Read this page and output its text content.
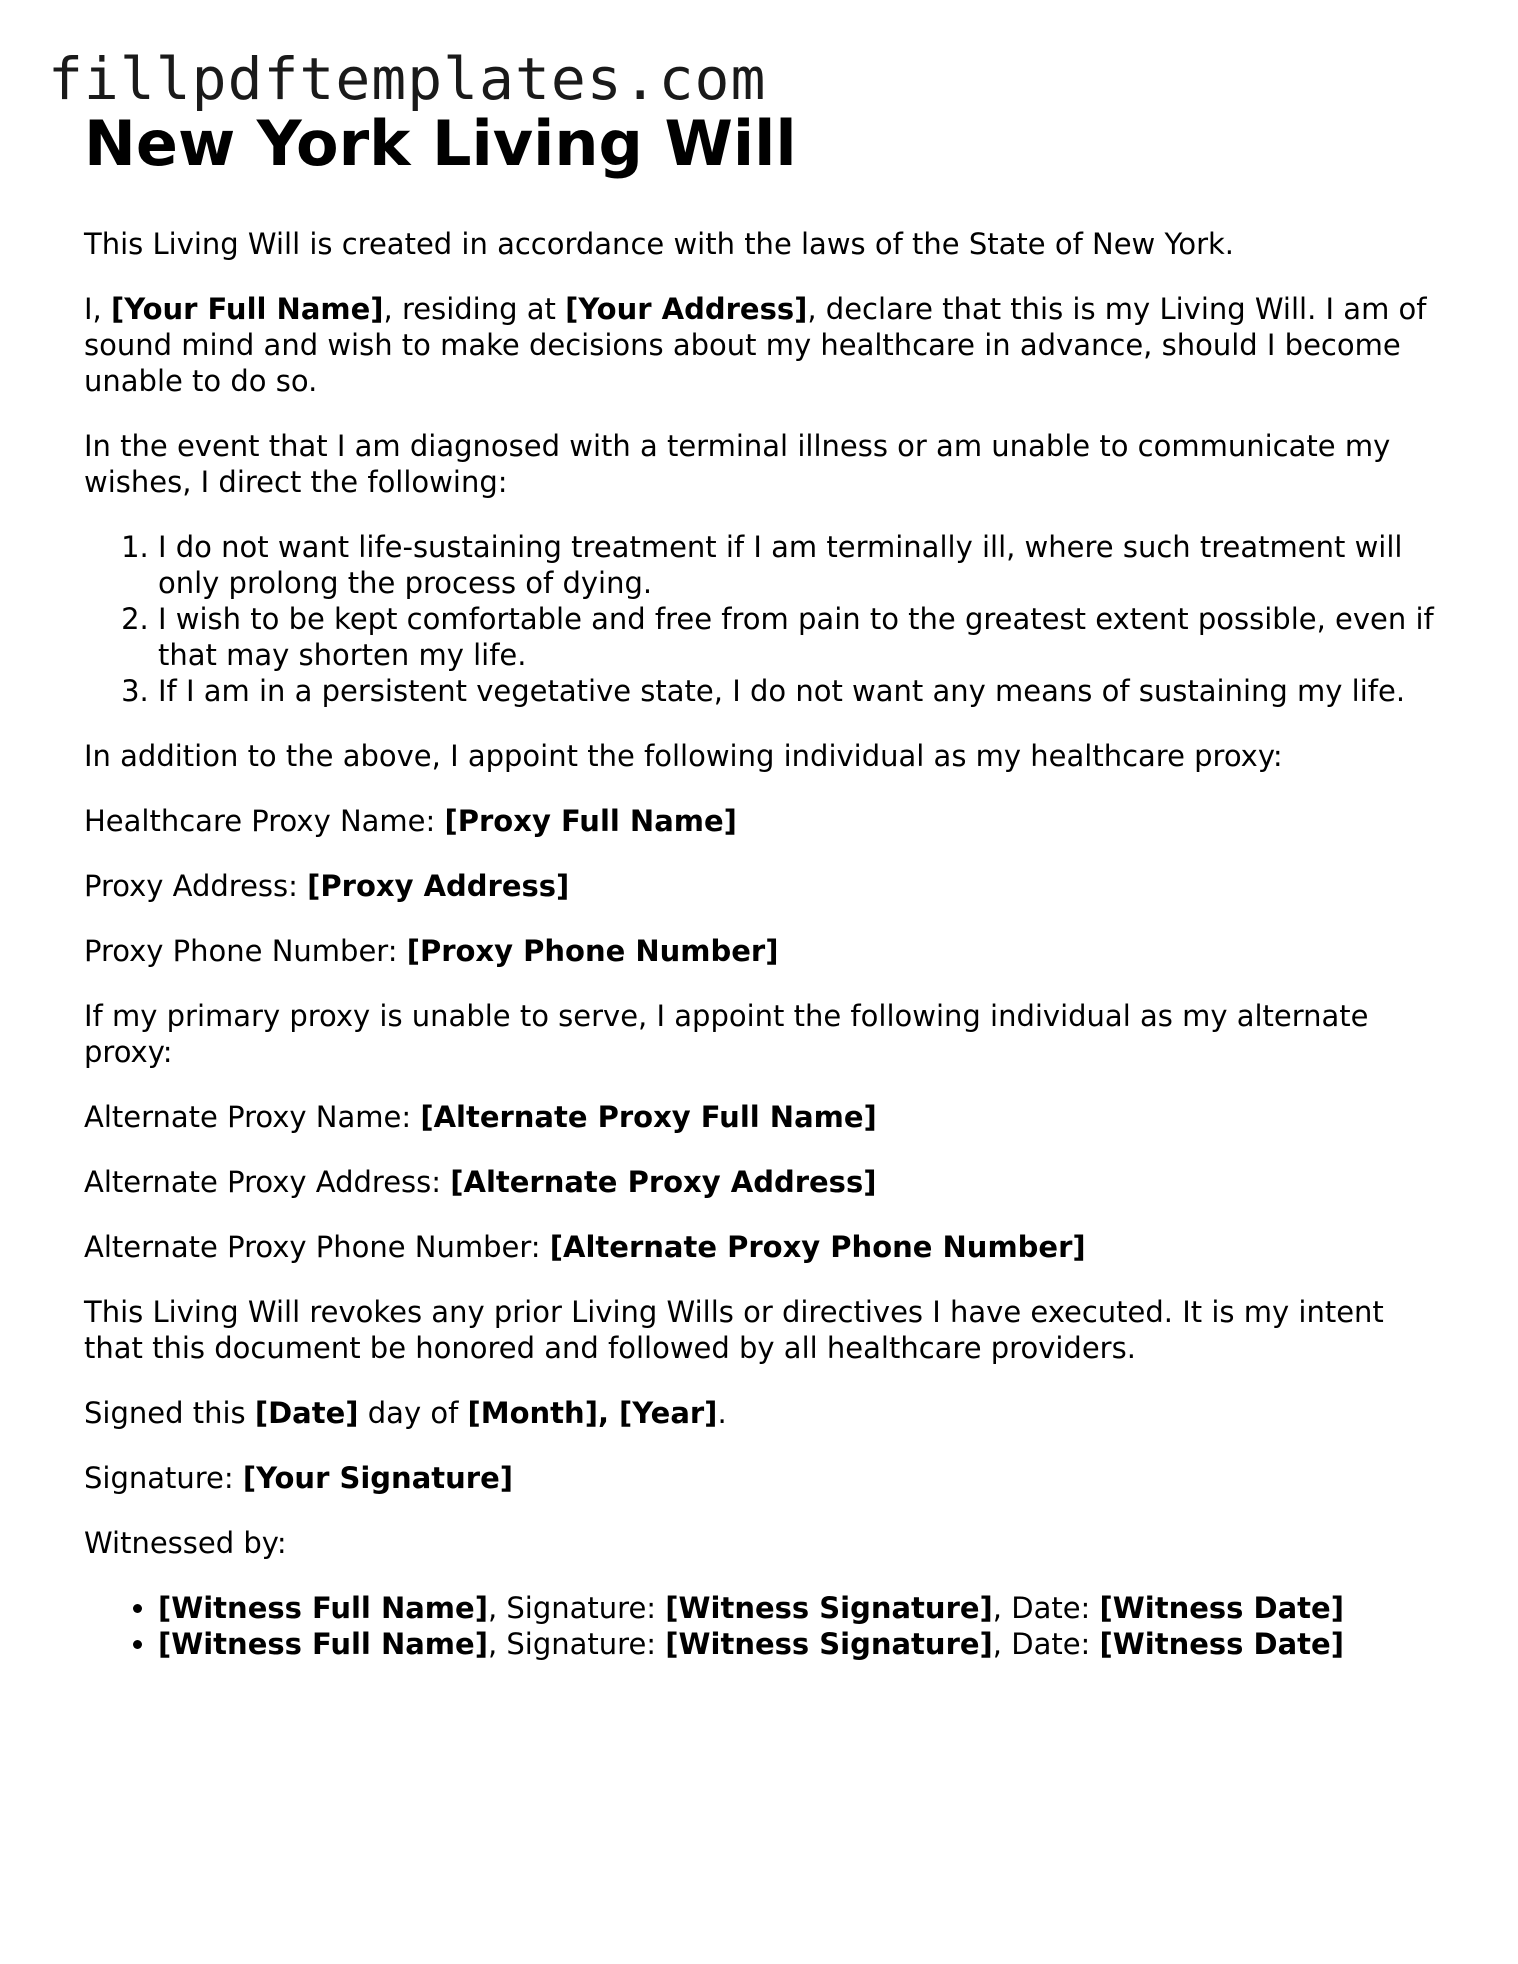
fillpdftemplates.com
New York Living Will

This Living Will is created in accordance with the laws of the State of New York.

I, [Your Full Name], residing at [Your Address], declare that this is my Living Will. I am of sound mind and wish to make decisions about my healthcare in advance, should I become unable to do so.

In the event that I am diagnosed with a terminal illness or am unable to communicate my wishes, I direct the following:

1. I do not want life-sustaining treatment if I am terminally ill, where such treatment will only prolong the process of dying.
2. I wish to be kept comfortable and free from pain to the greatest extent possible, even if that may shorten my life.
3. If I am in a persistent vegetative state, I do not want any means of sustaining my life.

In addition to the above, I appoint the following individual as my healthcare proxy:

Healthcare Proxy Name: [Proxy Full Name]

Proxy Address: [Proxy Address]

Proxy Phone Number: [Proxy Phone Number]

If my primary proxy is unable to serve, I appoint the following individual as my alternate proxy:

Alternate Proxy Name: [Alternate Proxy Full Name]

Alternate Proxy Address: [Alternate Proxy Address]

Alternate Proxy Phone Number: [Alternate Proxy Phone Number]

This Living Will revokes any prior Living Wills or directives I have executed. It is my intent that this document be honored and followed by all healthcare providers.

Signed this [Date] day of [Month], [Year].

Signature: [Your Signature]

Witnessed by:

• [Witness Full Name], Signature: [Witness Signature], Date: [Witness Date]
• [Witness Full Name], Signature: [Witness Signature], Date: [Witness Date]
